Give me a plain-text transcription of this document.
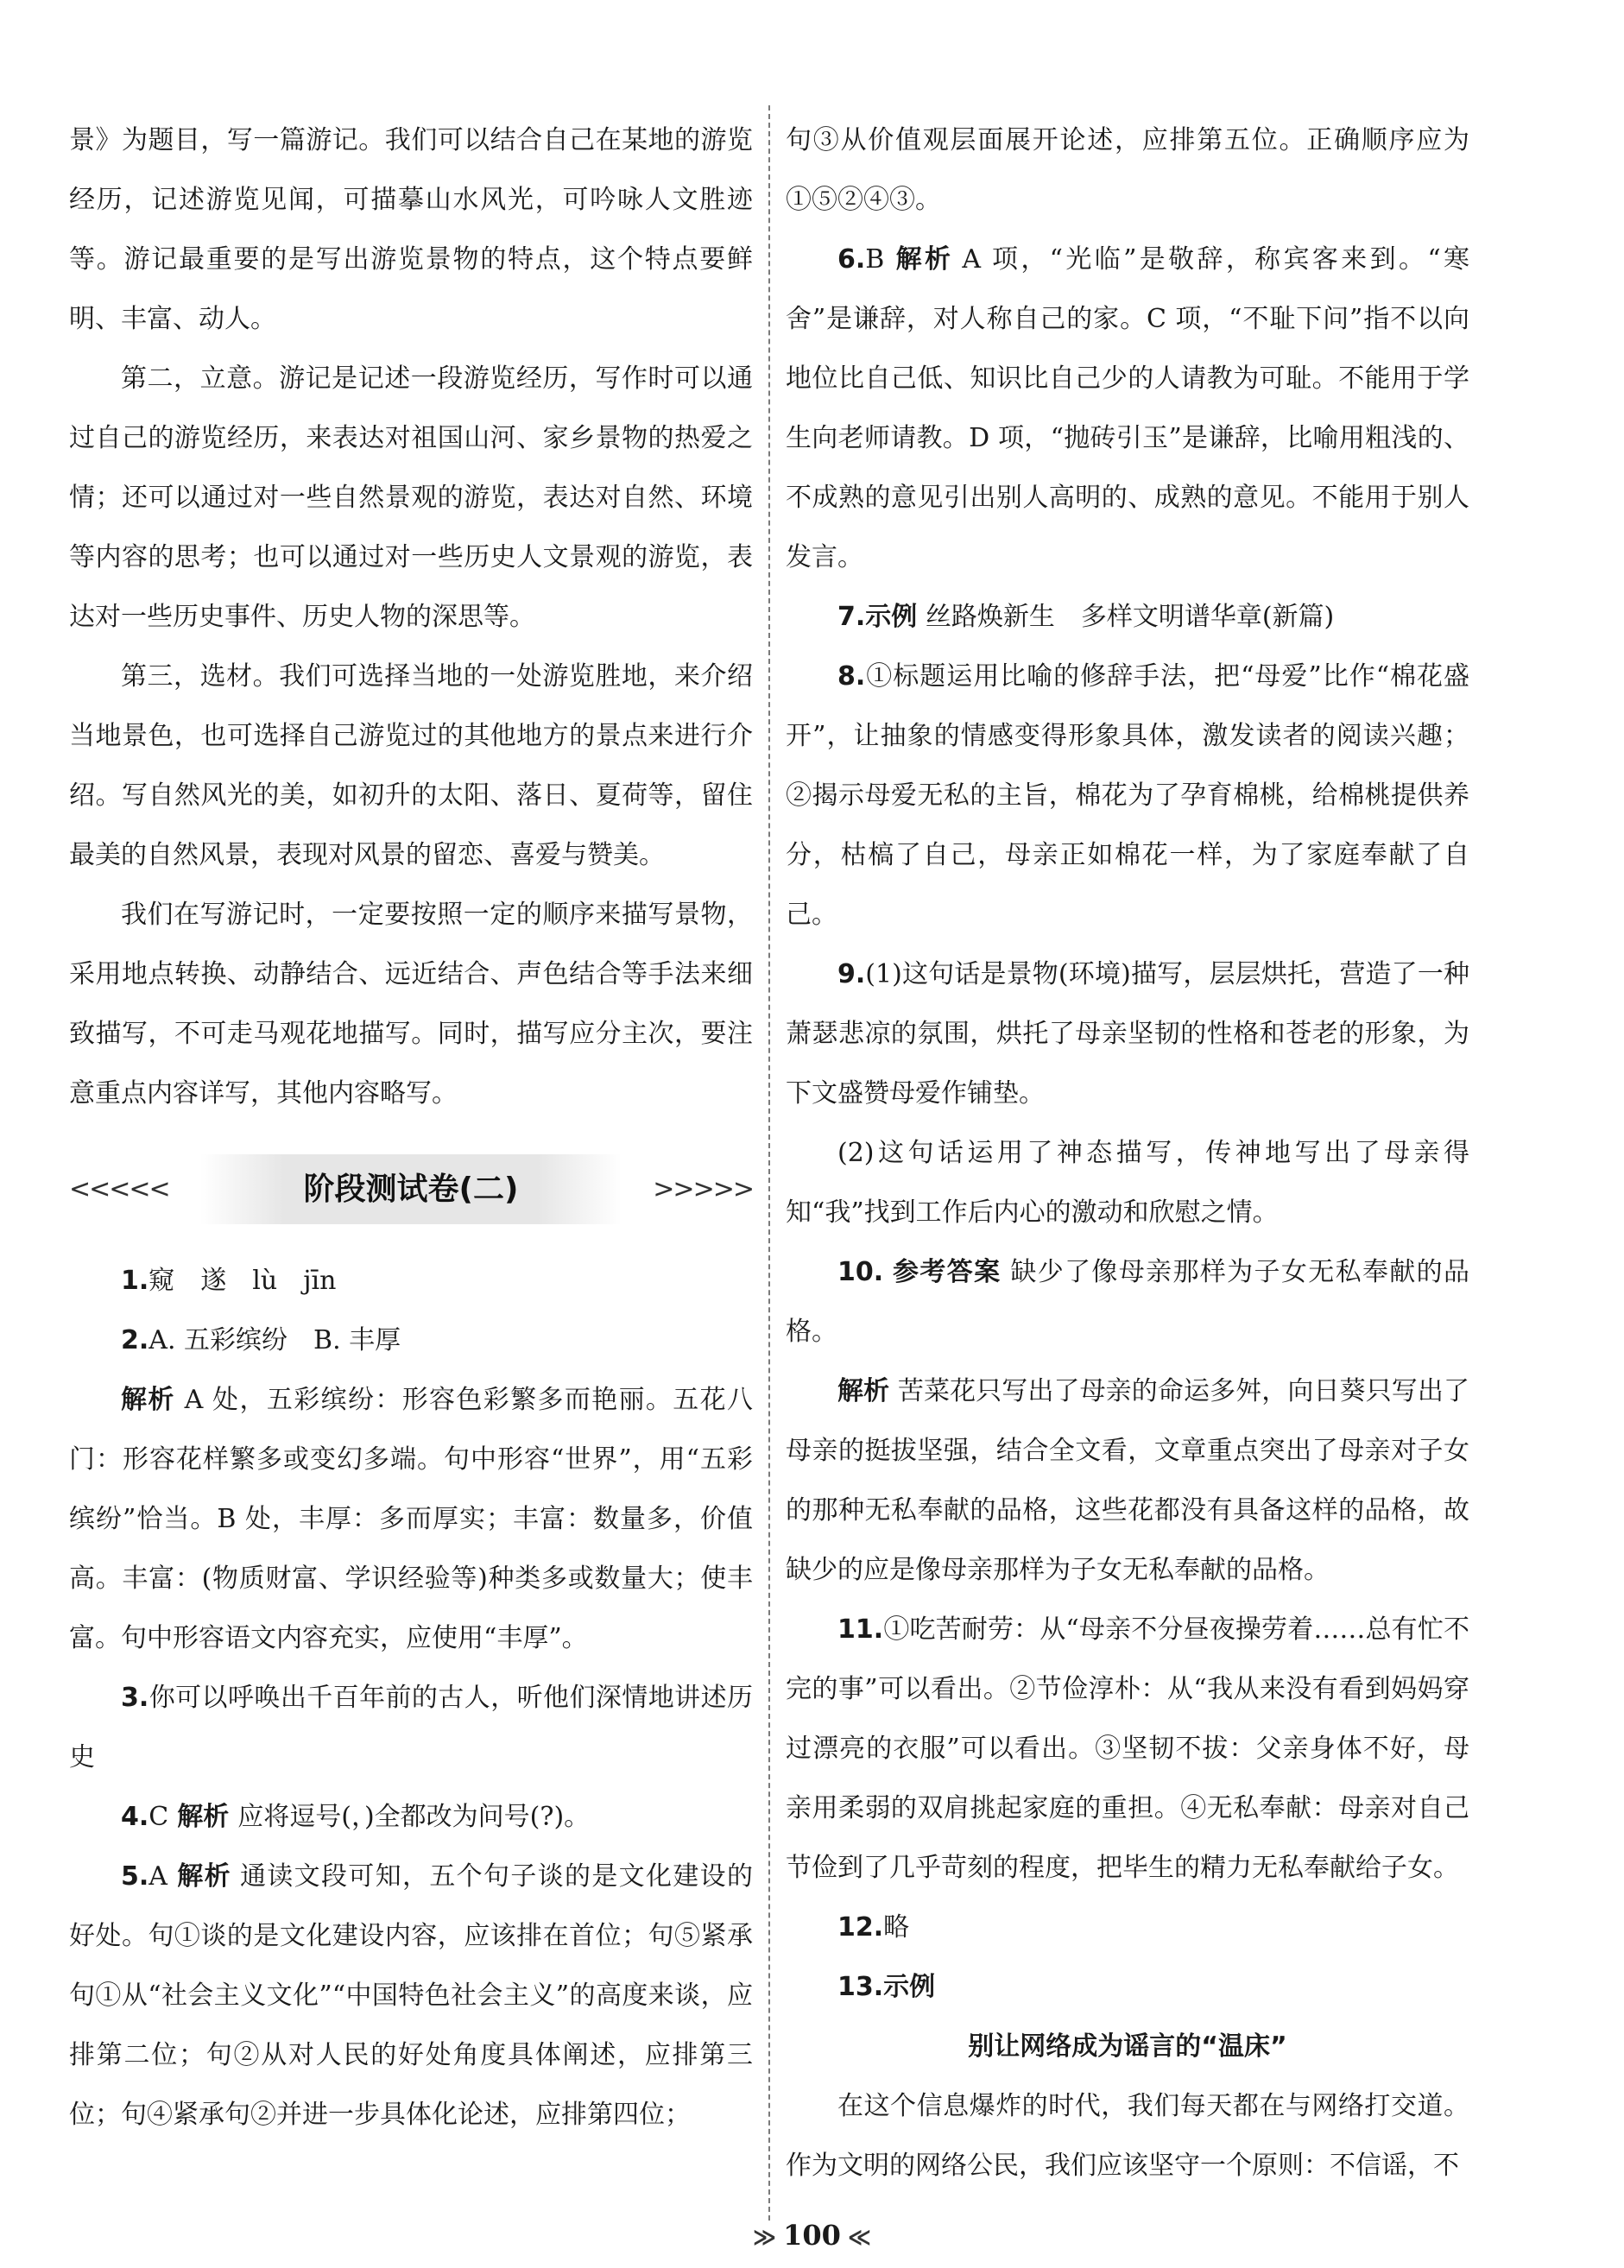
景》为题目，写一篇游记。我们可以结合自己在某地的游览经历，记述游览见闻，可描摹山水风光，可吟咏人文胜迹等。游记最重要的是写出游览景物的特点，这个特点要鲜明、丰富、动人。

第二，立意。游记是记述一段游览经历，写作时可以通过自己的游览经历，来表达对祖国山河、家乡景物的热爱之情；还可以通过对一些自然景观的游览，表达对自然、环境等内容的思考；也可以通过对一些历史人文景观的游览，表达对一些历史事件、历史人物的深思等。

第三，选材。我们可选择当地的一处游览胜地，来介绍当地景色，也可选择自己游览过的其他地方的景点来进行介绍。写自然风光的美，如初升的太阳、落日、夏荷等，留住最美的自然风景，表现对风景的留恋、喜爱与赞美。

我们在写游记时，一定要按照一定的顺序来描写景物，采用地点转换、动静结合、远近结合、声色结合等手法来细致描写，不可走马观花地描写。同时，描写应分主次，要注意重点内容详写，其他内容略写。

<<<<<	阶段测试卷(二)	>>>>>

1.窥　遂　lù　jīn

2.A. 五彩缤纷　B. 丰厚

解析 A 处，五彩缤纷：形容色彩繁多而艳丽。五花八门：形容花样繁多或变幻多端。句中形容“世界”，用“五彩缤纷”恰当。B 处，丰厚：多而厚实；丰富：数量多，价值高。丰富：(物质财富、学识经验等)种类多或数量大；使丰富。句中形容语文内容充实，应使用“丰厚”。

3.你可以呼唤出千百年前的古人，听他们深情地讲述历史

4.C 解析 应将逗号(，)全都改为问号(?)。

5.A 解析 通读文段可知，五个句子谈的是文化建设的好处。句①谈的是文化建设内容，应该排在首位；句⑤紧承句①从“社会主义文化”“中国特色社会主义”的高度来谈，应排第二位；句②从对人民的好处角度具体阐述，应排第三位；句④紧承句②并进一步具体化论述，应排第四位；

句③从价值观层面展开论述，应排第五位。正确顺序应为①⑤②④③。

6.B 解析 A 项，“光临”是敬辞，称宾客来到。“寒舍”是谦辞，对人称自己的家。C 项，“不耻下问”指不以向地位比自己低、知识比自己少的人请教为可耻。不能用于学生向老师请教。D 项，“抛砖引玉”是谦辞，比喻用粗浅的、不成熟的意见引出别人高明的、成熟的意见。不能用于别人发言。

7.示例 丝路焕新生　多样文明谱华章(新篇)

8.①标题运用比喻的修辞手法，把“母爱”比作“棉花盛开”，让抽象的情感变得形象具体，激发读者的阅读兴趣；②揭示母爱无私的主旨，棉花为了孕育棉桃，给棉桃提供养分，枯槁了自己，母亲正如棉花一样，为了家庭奉献了自己。

9.(1)这句话是景物(环境)描写，层层烘托，营造了一种萧瑟悲凉的氛围，烘托了母亲坚韧的性格和苍老的形象，为下文盛赞母爱作铺垫。

(2)这句话运用了神态描写，传神地写出了母亲得知“我”找到工作后内心的激动和欣慰之情。

10. 参考答案 缺少了像母亲那样为子女无私奉献的品格。

解析 苦菜花只写出了母亲的命运多舛，向日葵只写出了母亲的挺拔坚强，结合全文看，文章重点突出了母亲对子女的那种无私奉献的品格，这些花都没有具备这样的品格，故缺少的应是像母亲那样为子女无私奉献的品格。

11.①吃苦耐劳：从“母亲不分昼夜操劳着……总有忙不完的事”可以看出。②节俭淳朴：从“我从来没有看到妈妈穿过漂亮的衣服”可以看出。③坚韧不拔：父亲身体不好，母亲用柔弱的双肩挑起家庭的重担。④无私奉献：母亲对自己节俭到了几乎苛刻的程度，把毕生的精力无私奉献给子女。

12.略

13.示例

别让网络成为谣言的“温床”

在这个信息爆炸的时代，我们每天都在与网络打交道。作为文明的网络公民，我们应该坚守一个原则：不信谣，不

≫ 100 ≪
